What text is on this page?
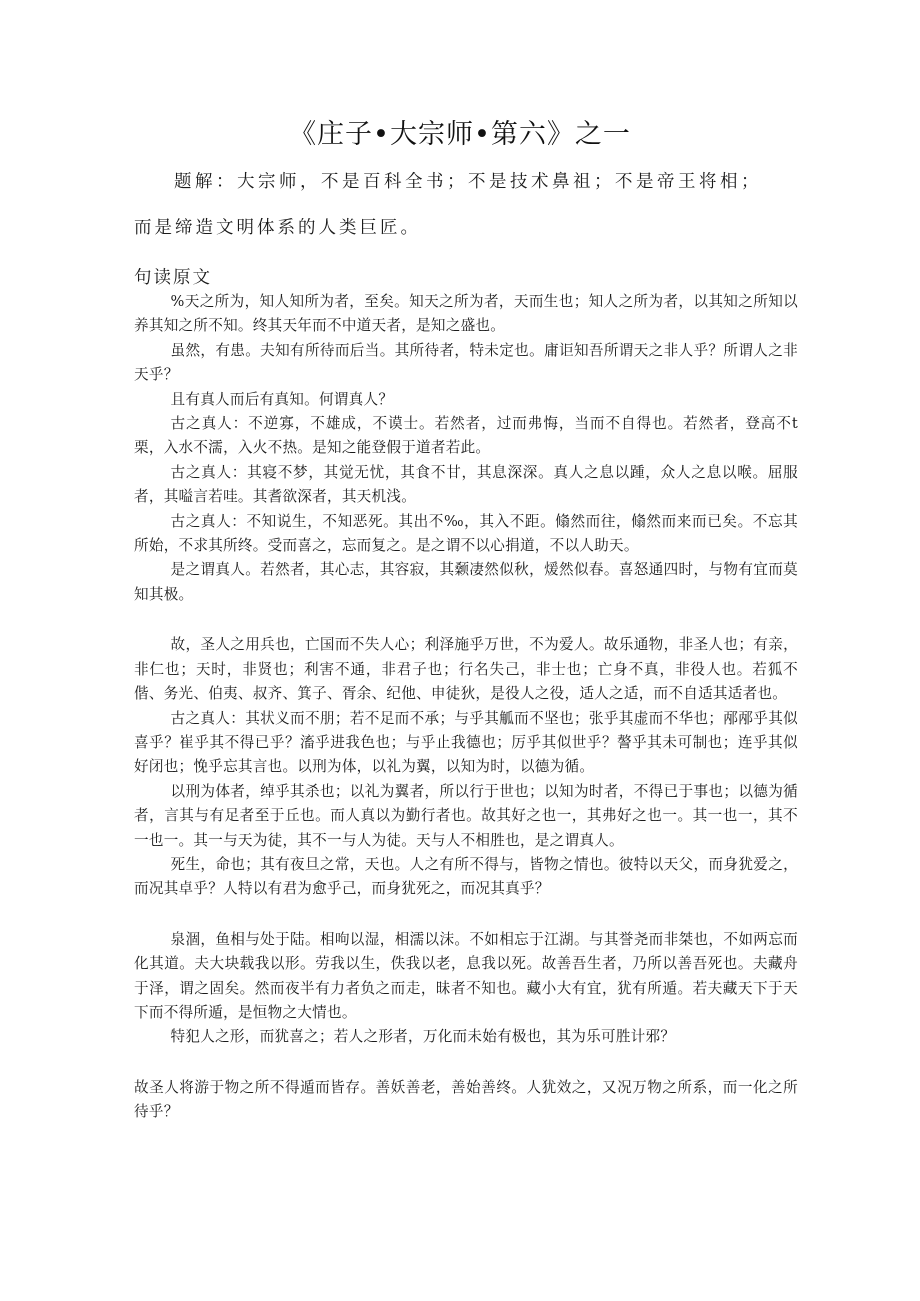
《庄子•大宗师•第六》之一

题解：大宗师，不是百科全书；不是技术鼻祖；不是帝王将相；

而是缔造文明体系的人类巨匠。

句读原文

%天之所为，知人知所为者，至矣。知天之所为者，天而生也；知人之所为者，以其知之所知以养其知之所不知。终其天年而不中道天者，是知之盛也。

虽然，有患。夫知有所待而后当。其所待者，特未定也。庸讵知吾所谓天之非人乎？所谓人之非天乎？

且有真人而后有真知。何谓真人？

古之真人：不逆寡，不雄成，不谟士。若然者，过而弗悔，当而不自得也。若然者，登高不t栗，入水不濡，入火不热。是知之能登假于道者若此。

古之真人：其寝不梦，其觉无忧，其食不甘，其息深深。真人之息以踵，众人之息以喉。屈服者，其嗌言若哇。其耆欲深者，其天机浅。

古之真人：不知说生，不知恶死。其出不‰，其入不距。翛然而往，翛然而来而已矣。不忘其所始，不求其所终。受而喜之，忘而复之。是之谓不以心捐道，不以人助天。

是之谓真人。若然者，其心志，其容寂，其颡凄然似秋，煖然似春。喜怒通四时，与物有宜而莫知其极。

故，圣人之用兵也，亡国而不失人心；利泽施乎万世，不为爱人。故乐通物，非圣人也；有亲，非仁也；天时，非贤也；利害不通，非君子也；行名失己，非士也；亡身不真，非役人也。若狐不偕、务光、伯夷、叔齐、箕子、胥余、纪他、申徒狄，是役人之役，适人之适，而不自适其适者也。

古之真人：其状义而不朋；若不足而不承；与乎其觚而不坚也；张乎其虚而不华也；邴邴乎其似喜乎？崔乎其不得已乎？滀乎进我色也；与乎止我德也；厉乎其似世乎？謷乎其未可制也；连乎其似好闭也；悗乎忘其言也。以刑为体，以礼为翼，以知为时，以德为循。

以刑为体者，绰乎其杀也；以礼为翼者，所以行于世也；以知为时者，不得已于事也；以德为循者，言其与有足者至于丘也。而人真以为勤行者也。故其好之也一，其弗好之也一。其一也一，其不一也一。其一与天为徒，其不一与人为徒。天与人不相胜也，是之谓真人。

死生，命也；其有夜旦之常，天也。人之有所不得与，皆物之情也。彼特以天父，而身犹爱之，而况其卓乎？人特以有君为愈乎己，而身犹死之，而况其真乎？

泉涸，鱼相与处于陆。相呴以湿，相濡以沫。不如相忘于江湖。与其誉尧而非桀也，不如两忘而化其道。夫大块载我以形。劳我以生，佚我以老，息我以死。故善吾生者，乃所以善吾死也。夫藏舟于泽，谓之固矣。然而夜半有力者负之而走，昧者不知也。藏小大有宜，犹有所遁。若夫藏天下于天下而不得所遁，是恒物之大情也。

特犯人之形，而犹喜之；若人之形者，万化而未始有极也，其为乐可胜计邪？

故圣人将游于物之所不得遁而皆存。善妖善老，善始善终。人犹效之，又况万物之所系，而一化之所待乎？
